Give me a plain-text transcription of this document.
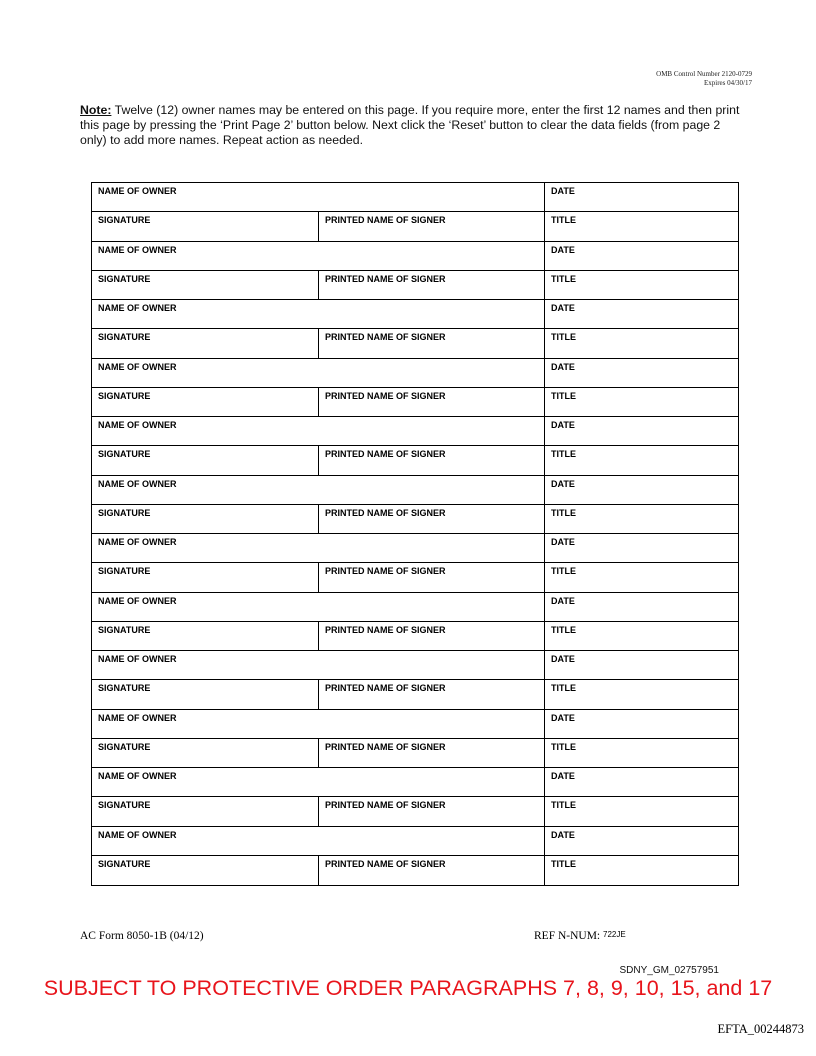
OMB Control Number 2120-0729
Expires 04/30/17
Note: Twelve (12) owner names may be entered on this page. If you require more, enter the first 12 names and then print this page by pressing the ‘Print Page 2’ button below. Next click the ‘Reset’ button to clear the data fields (from page 2 only) to add more names. Repeat action as needed.
NAME OF OWNER	DATE
SIGNATURE	PRINTED NAME OF SIGNER	TITLE
NAME OF OWNER	DATE
SIGNATURE	PRINTED NAME OF SIGNER	TITLE
NAME OF OWNER	DATE
SIGNATURE	PRINTED NAME OF SIGNER	TITLE
NAME OF OWNER	DATE
SIGNATURE	PRINTED NAME OF SIGNER	TITLE
NAME OF OWNER	DATE
SIGNATURE	PRINTED NAME OF SIGNER	TITLE
NAME OF OWNER	DATE
SIGNATURE	PRINTED NAME OF SIGNER	TITLE
NAME OF OWNER	DATE
SIGNATURE	PRINTED NAME OF SIGNER	TITLE
NAME OF OWNER	DATE
SIGNATURE	PRINTED NAME OF SIGNER	TITLE
NAME OF OWNER	DATE
SIGNATURE	PRINTED NAME OF SIGNER	TITLE
NAME OF OWNER	DATE
SIGNATURE	PRINTED NAME OF SIGNER	TITLE
NAME OF OWNER	DATE
SIGNATURE	PRINTED NAME OF SIGNER	TITLE
NAME OF OWNER	DATE
SIGNATURE	PRINTED NAME OF SIGNER	TITLE
AC Form 8050-1B (04/12)	REF N-NUM: 722JE
SDNY_GM_02757951
SUBJECT TO PROTECTIVE ORDER PARAGRAPHS 7, 8, 9, 10, 15, and 17
EFTA_00244873
